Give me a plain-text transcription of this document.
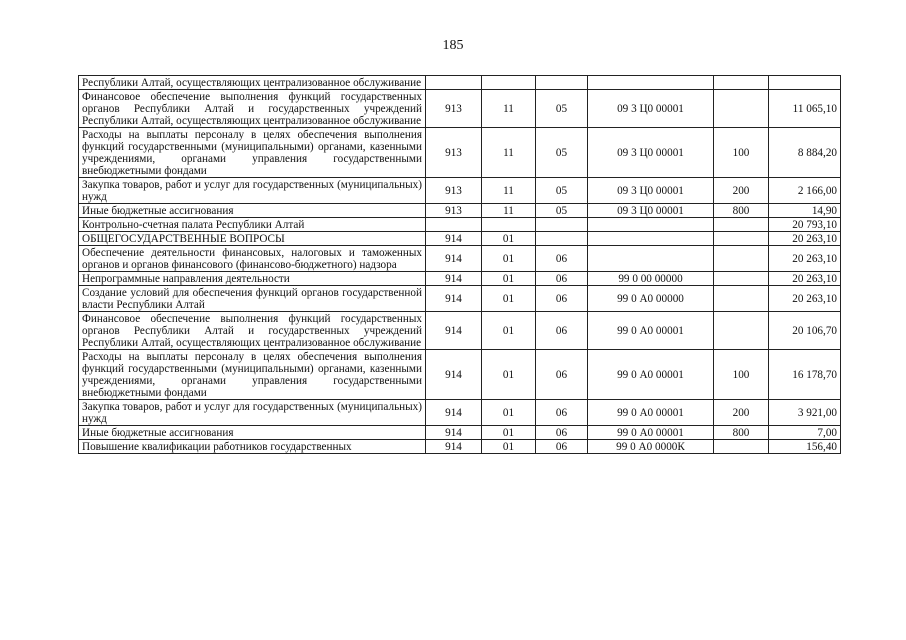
185
Республики Алтай, осуществляющих централизованное обслуживание						
Финансовое обеспечение выполнения функций государственных органов Республики Алтай и государственных учреждений Республики Алтай, осуществляющих централизованное обслуживание	913	11	05	09 3 Ц0 00001		11 065,10
Расходы на выплаты персоналу в целях обеспечения выполнения функций государственными (муниципальными) органами, казенными учреждениями, органами управления государственными внебюджетными фондами	913	11	05	09 3 Ц0 00001	100	8 884,20
Закупка товаров, работ и услуг для государственных (муниципальных) нужд	913	11	05	09 3 Ц0 00001	200	2 166,00
Иные бюджетные ассигнования	913	11	05	09 3 Ц0 00001	800	14,90
Контрольно-счетная палата Республики Алтай						20 793,10
ОБЩЕГОСУДАРСТВЕННЫЕ ВОПРОСЫ	914	01				20 263,10
Обеспечение деятельности финансовых, налоговых и таможенных органов и органов финансового (финансово-бюджетного) надзора	914	01	06			20 263,10
Непрограммные направления деятельности	914	01	06	99 0 00 00000		20 263,10
Создание условий для обеспечения функций органов государственной власти Республики Алтай	914	01	06	99 0 А0 00000		20 263,10
Финансовое обеспечение выполнения функций государственных органов Республики Алтай и государственных учреждений Республики Алтай, осуществляющих централизованное обслуживание	914	01	06	99 0 А0 00001		20 106,70
Расходы на выплаты персоналу в целях обеспечения выполнения функций государственными (муниципальными) органами, казенными учреждениями, органами управления государственными внебюджетными фондами	914	01	06	99 0 А0 00001	100	16 178,70
Закупка товаров, работ и услуг для государственных (муниципальных) нужд	914	01	06	99 0 А0 00001	200	3 921,00
Иные бюджетные ассигнования	914	01	06	99 0 А0 00001	800	7,00
Повышение квалификации работников государственных	914	01	06	99 0 А0 0000К		156,40
